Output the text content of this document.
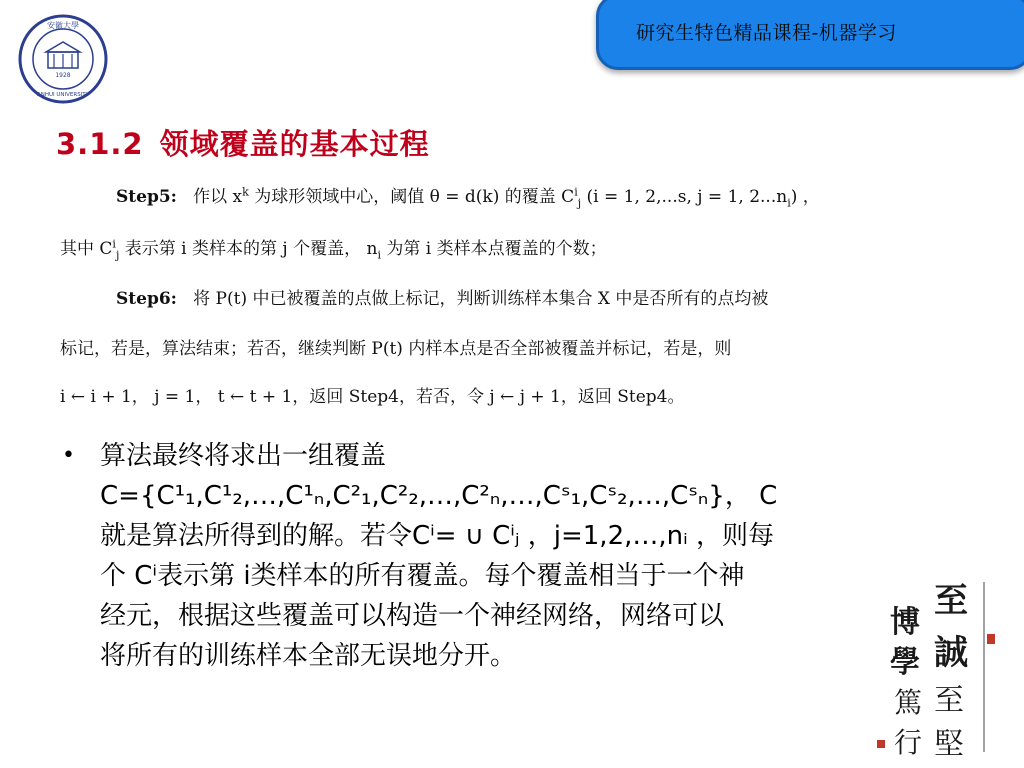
研究生特色精品课程-机器学习
1928
安徽大學
ANHUI UNIVERSITY
3.1.2 领域覆盖的基本过程
Step5: 作以 $x^k$ 为球形领域中心，阈值 θ = d(k) 的覆盖 $C^i_j$ (i = 1, 2,...s, j = 1, $2...n_i$) ，
其中 $C^i_j$ 表示第 i 类样本的第 j 个覆盖， $n_i$ 为第 i 类样本点覆盖的个数；
Step6: 将 P(t) 中已被覆盖的点做上标记，判断训练样本集合 X 中是否所有的点均被
标记，若是，算法结束；若否，继续判断 P(t) 内样本点是否全部被覆盖并标记，若是，则
i ← i + 1， j = 1， t ← t + 1，返回 Step4，若否，令 j ← j + 1，返回 Step4。
• 算法最终将求出一组覆盖
C={C¹₁,C¹₂,…,C¹ₙ,C²₁,C²₂,…,C²ₙ,…,Cˢ₁,Cˢ₂,…,Cˢₙ}， C
就是算法所得到的解。若令Cⁱ= ∪ Cⁱⱼ ，j=1,2,…,nᵢ ，则每
个 Cⁱ表示第 i类样本的所有覆盖。每个覆盖相当于一个神
经元，根据这些覆盖可以构造一个神经网络，网络可以
将所有的训练样本全部无误地分开。
至
誠
至
堅
博
學
篤
行
